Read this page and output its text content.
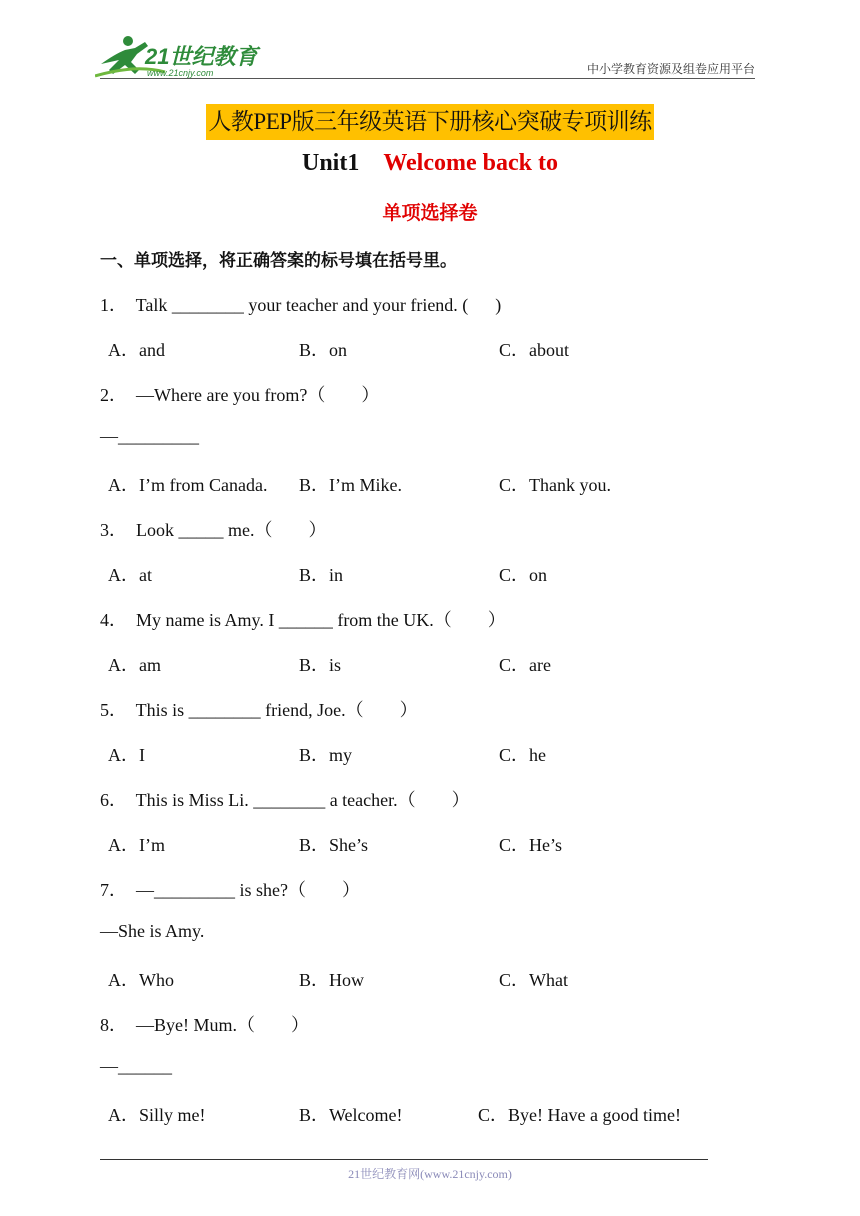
21世纪教育
www.21cnjy.com	中小学教育资源及组卷应用平台
人教PEP版三年级英语下册核心突破专项训练
Unit1 Welcome back to
单项选择卷
一、单项选择，将正确答案的标号填在括号里。
1．  Talk ________ your teacher and your friend. (      )
A．and	B．on	C．about
2．  —Where are you from?（        ）
—_________
A．I’m from Canada. B．I’m Mike.	C．Thank you.
3．  Look _____ me.（        ）
A．at	B．in	C．on
4．  My name is Amy. I ______ from the UK.（        ）
A．am	B．is	C．are
5．  This is ________ friend, Joe.（        ）
A．I	B．my	C．he
6．  This is Miss Li. ________ a teacher.（        ）
A．I’m	B．She’s	C．He’s
7．  —_________ is she?（        ）
—She is Amy.
A．Who	B．How	C．What
8．  —Bye! Mum.（        ）
—______
A．Silly me!	B．Welcome!	C．Bye! Have a good time!
21世纪教育网(www.21cnjy.com)
